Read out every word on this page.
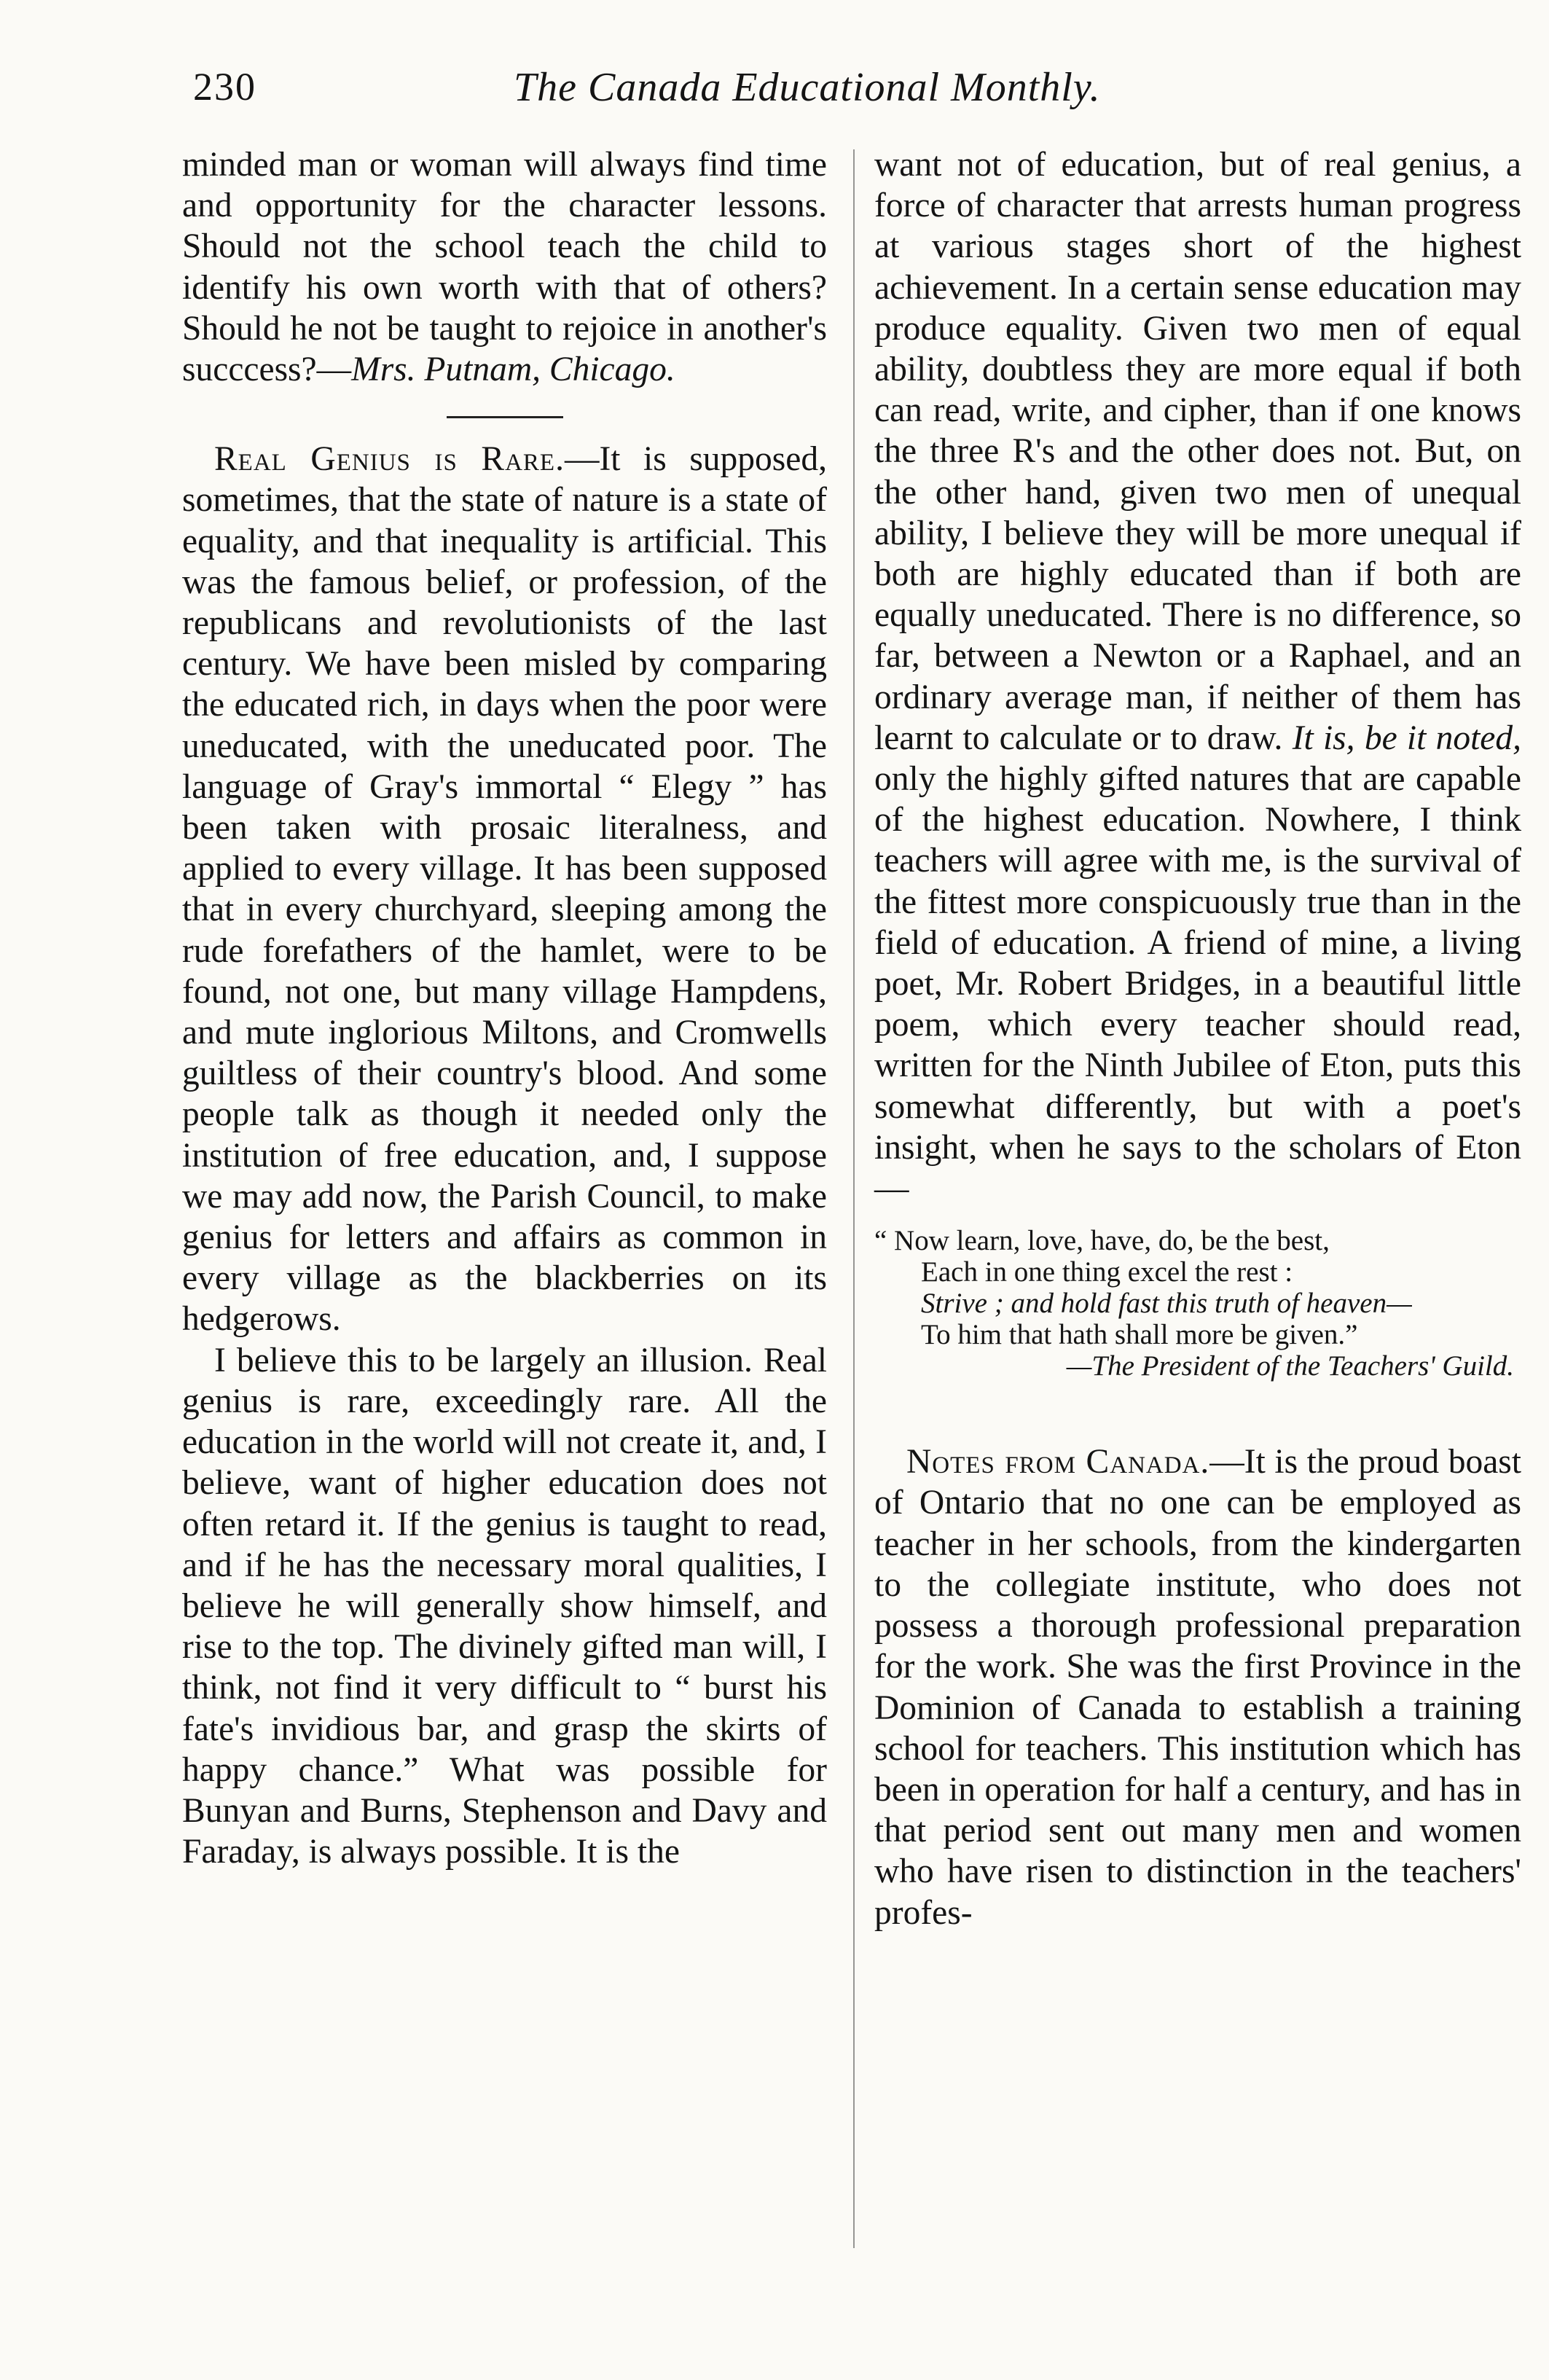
230	The Canada Educational Monthly.

minded man or woman will always find time and opportunity for the character lessons. Should not the school teach the child to identify his own worth with that of others? Should he not be taught to rejoice in another's succcess?—Mrs. Putnam, Chicago.

Real Genius is Rare.—It is supposed, sometimes, that the state of nature is a state of equality, and that inequality is artificial. This was the famous belief, or profession, of the republicans and revolutionists of the last century. We have been misled by comparing the educated rich, in days when the poor were uneducated, with the uneducated poor. The language of Gray's immortal “ Elegy ” has been taken with prosaic literalness, and applied to every village. It has been supposed that in every churchyard, sleeping among the rude forefathers of the hamlet, were to be found, not one, but many village Hampdens, and mute inglorious Miltons, and Cromwells guiltless of their country's blood. And some people talk as though it needed only the institution of free education, and, I suppose we may add now, the Parish Council, to make genius for letters and affairs as common in every village as the blackberries on its hedgerows.

I believe this to be largely an illusion. Real genius is rare, exceedingly rare. All the education in the world will not create it, and, I believe, want of higher education does not often retard it. If the genius is taught to read, and if he has the necessary moral qualities, I believe he will generally show himself, and rise to the top. The divinely gifted man will, I think, not find it very difficult to “ burst his fate's invidious bar, and grasp the skirts of happy chance.” What was possible for Bunyan and Burns, Stephenson and Davy and Faraday, is always possible. It is the

want not of education, but of real genius, a force of character that arrests human progress at various stages short of the highest achievement. In a certain sense education may produce equality. Given two men of equal ability, doubtless they are more equal if both can read, write, and cipher, than if one knows the three R's and the other does not. But, on the other hand, given two men of unequal ability, I believe they will be more unequal if both are highly educated than if both are equally uneducated. There is no difference, so far, between a Newton or a Raphael, and an ordinary average man, if neither of them has learnt to calculate or to draw. It is, be it noted, only the highly gifted natures that are capable of the highest education. Nowhere, I think teachers will agree with me, is the survival of the fittest more conspicuously true than in the field of education. A friend of mine, a living poet, Mr. Robert Bridges, in a beautiful little poem, which every teacher should read, written for the Ninth Jubilee of Eton, puts this somewhat differently, but with a poet's insight, when he says to the scholars of Eton—

“ Now learn, love, have, do, be the best,
Each in one thing excel the rest :
Strive ; and hold fast this truth of heaven—
To him that hath shall more be given.”
—The President of the Teachers' Guild.

Notes from Canada.—It is the proud boast of Ontario that no one can be employed as teacher in her schools, from the kindergarten to the collegiate institute, who does not possess a thorough professional preparation for the work. She was the first Province in the Dominion of Canada to establish a training school for teachers. This institution which has been in operation for half a century, and has in that period sent out many men and women who have risen to distinction in the teachers' profes-
